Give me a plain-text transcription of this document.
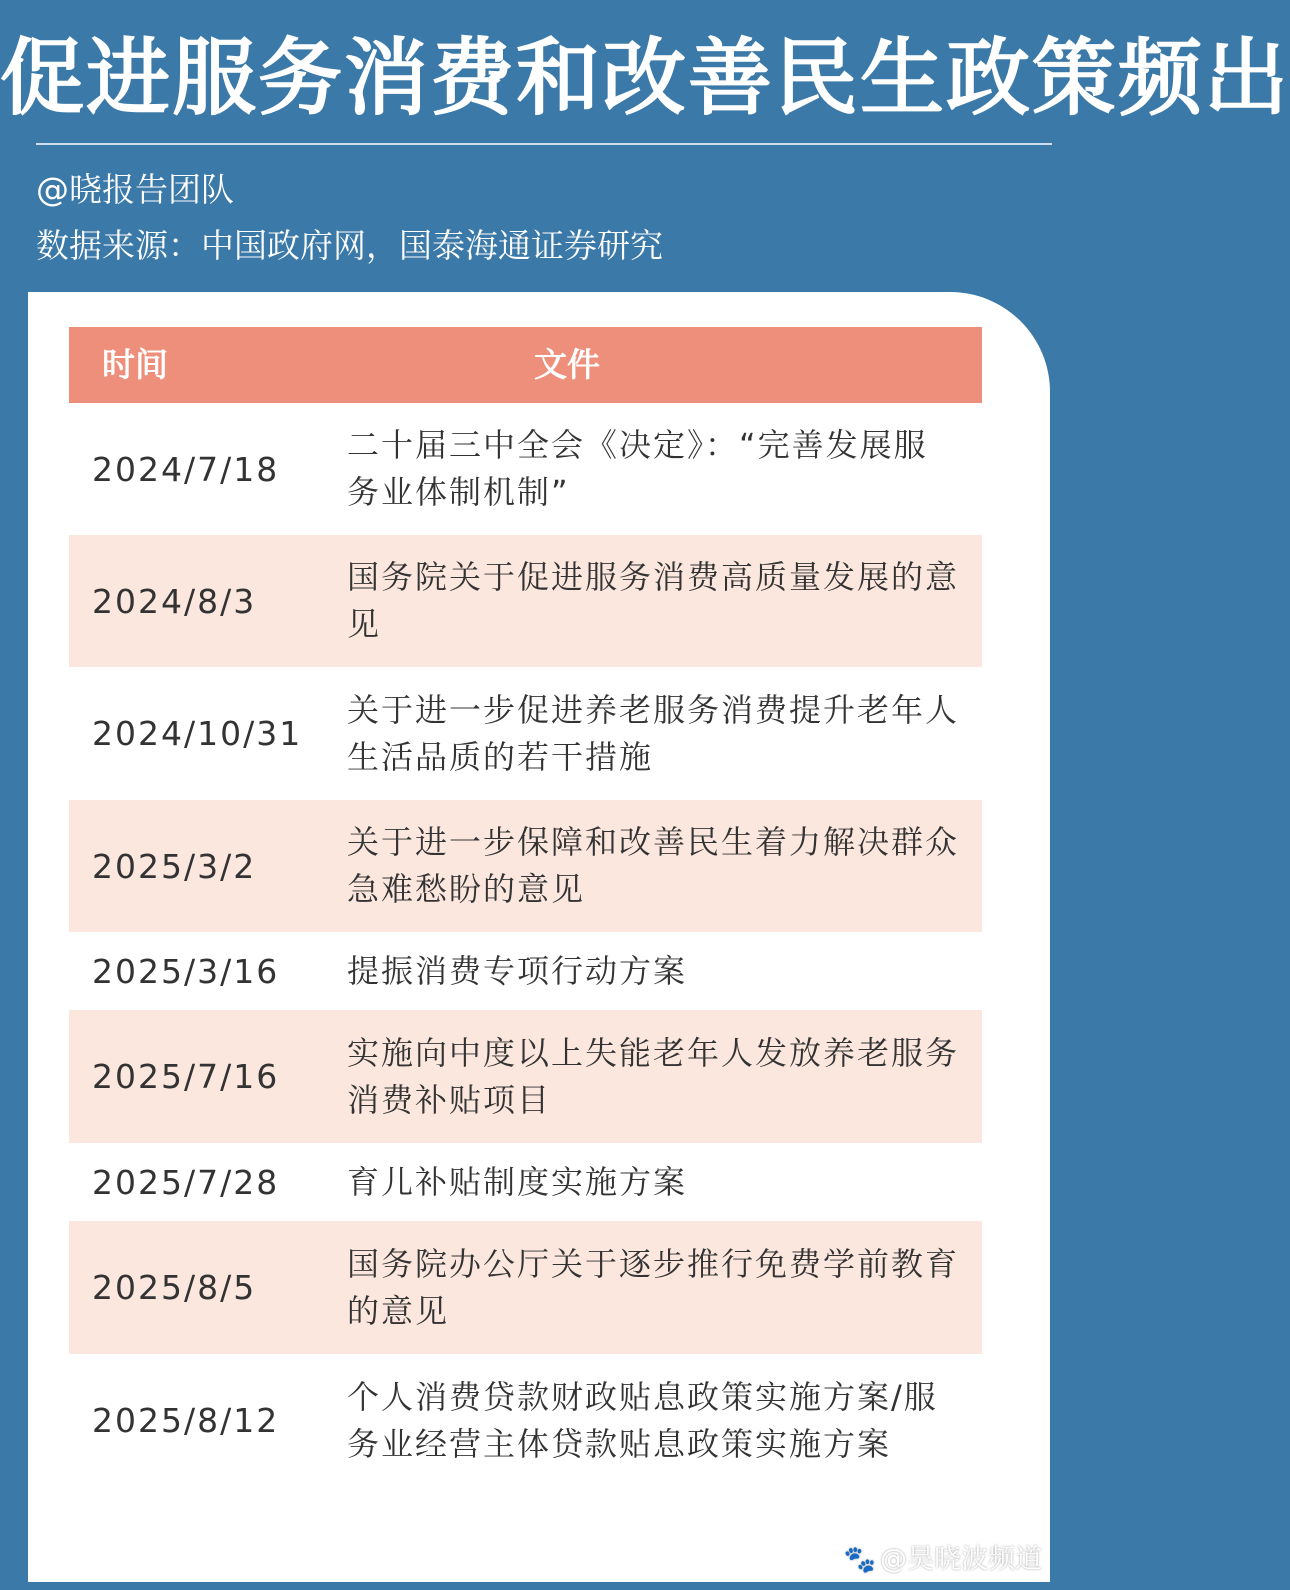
促进服务消费和改善民生政策频出
@晓报告团队
数据来源：中国政府网，国泰海通证券研究
时间	文件
2024/7/18
二十届三中全会《决定》：“完善发展服务业体制机制”
2024/8/3
国务院关于促进服务消费高质量发展的意见
2024/10/31
关于进一步促进养老服务消费提升老年人生活品质的若干措施
2025/3/2
关于进一步保障和改善民生着力解决群众急难愁盼的意见
2025/3/16 提振消费专项行动方案
2025/7/16
实施向中度以上失能老年人发放养老服务消费补贴项目
2025/7/28 育儿补贴制度实施方案
2025/8/5
国务院办公厅关于逐步推行免费学前教育的意见
2025/8/12
个人消费贷款财政贴息政策实施方案/服务业经营主体贷款贴息政策实施方案
🐾 @昊晓波频道
